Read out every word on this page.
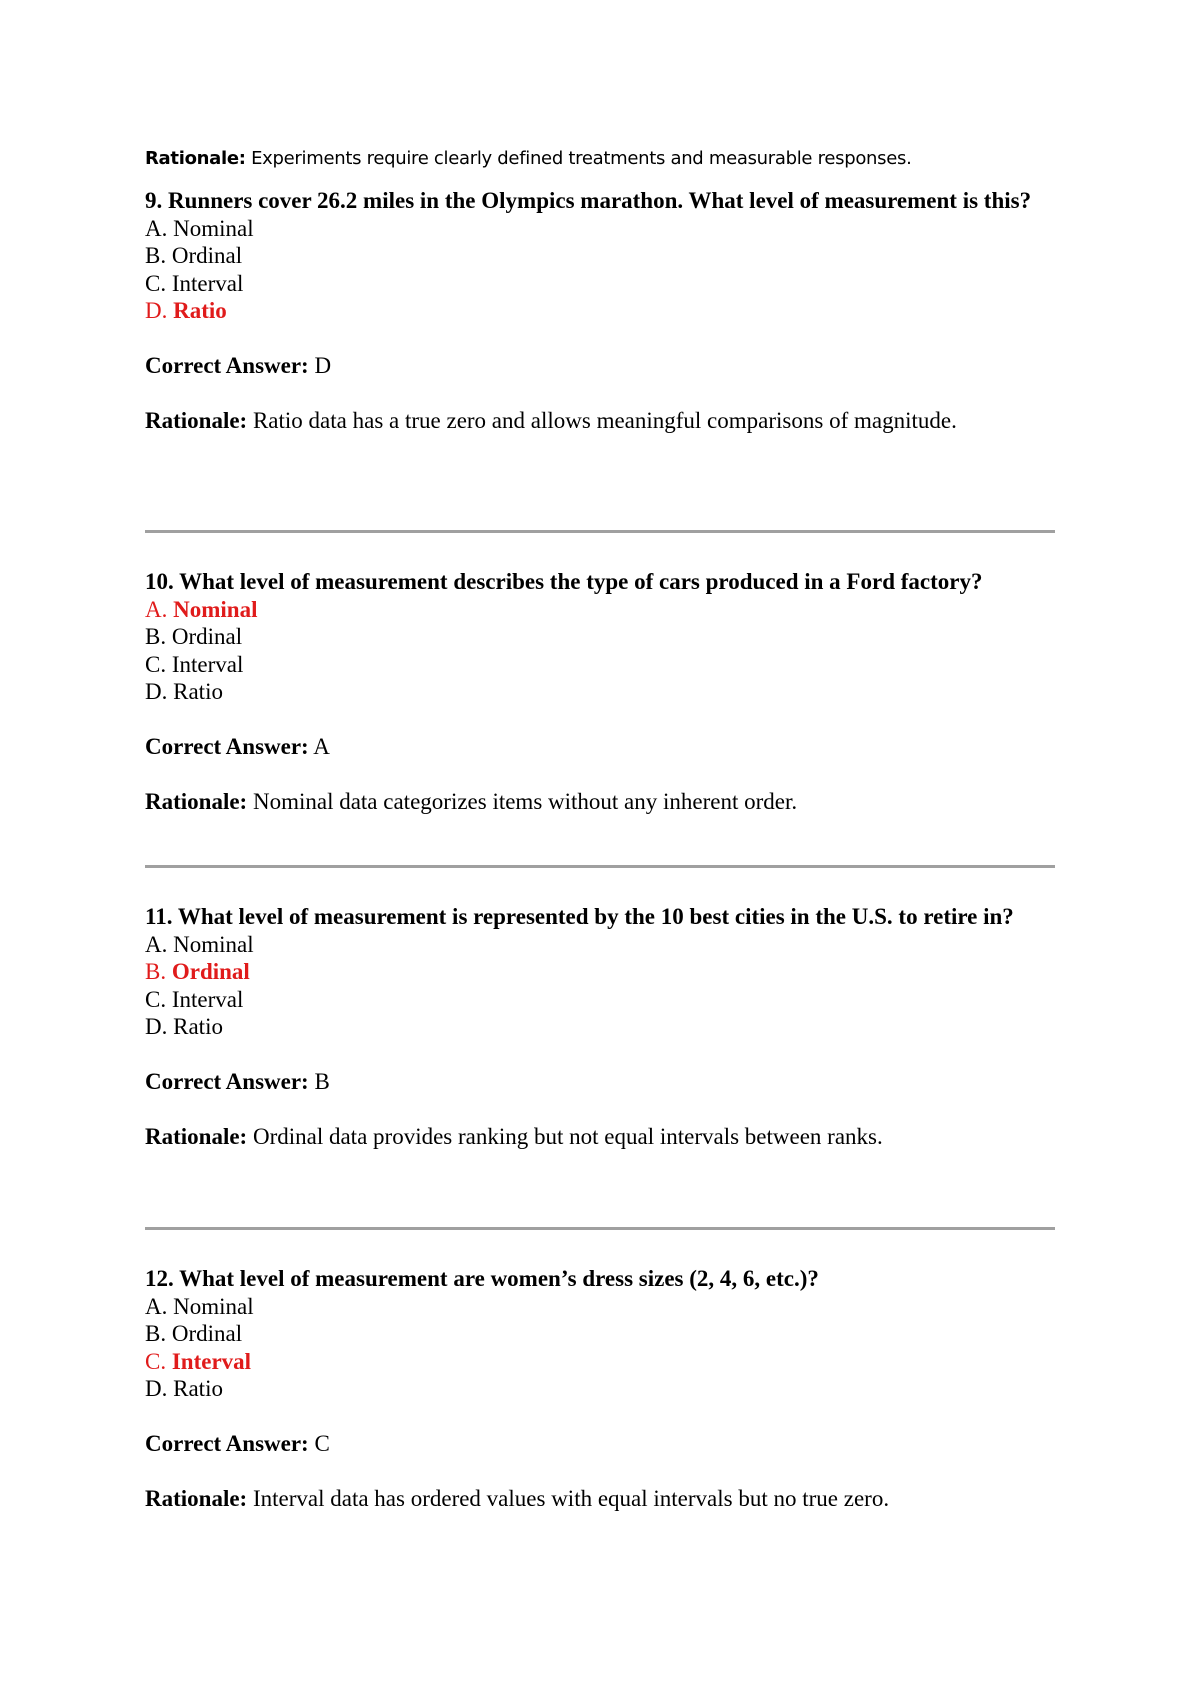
Rationale: Experiments require clearly defined treatments and measurable responses.

9. Runners cover 26.2 miles in the Olympics marathon. What level of measurement is this?

A. Nominal

B. Ordinal

C. Interval

D. Ratio

Correct Answer: D

Rationale: Ratio data has a true zero and allows meaningful comparisons of magnitude.

10. What level of measurement describes the type of cars produced in a Ford factory?

A. Nominal

B. Ordinal

C. Interval

D. Ratio

Correct Answer: A

Rationale: Nominal data categorizes items without any inherent order.

11. What level of measurement is represented by the 10 best cities in the U.S. to retire in?

A. Nominal

B. Ordinal

C. Interval

D. Ratio

Correct Answer: B

Rationale: Ordinal data provides ranking but not equal intervals between ranks.

12. What level of measurement are women’s dress sizes (2, 4, 6, etc.)?

A. Nominal

B. Ordinal

C. Interval

D. Ratio

Correct Answer: C

Rationale: Interval data has ordered values with equal intervals but no true zero.
